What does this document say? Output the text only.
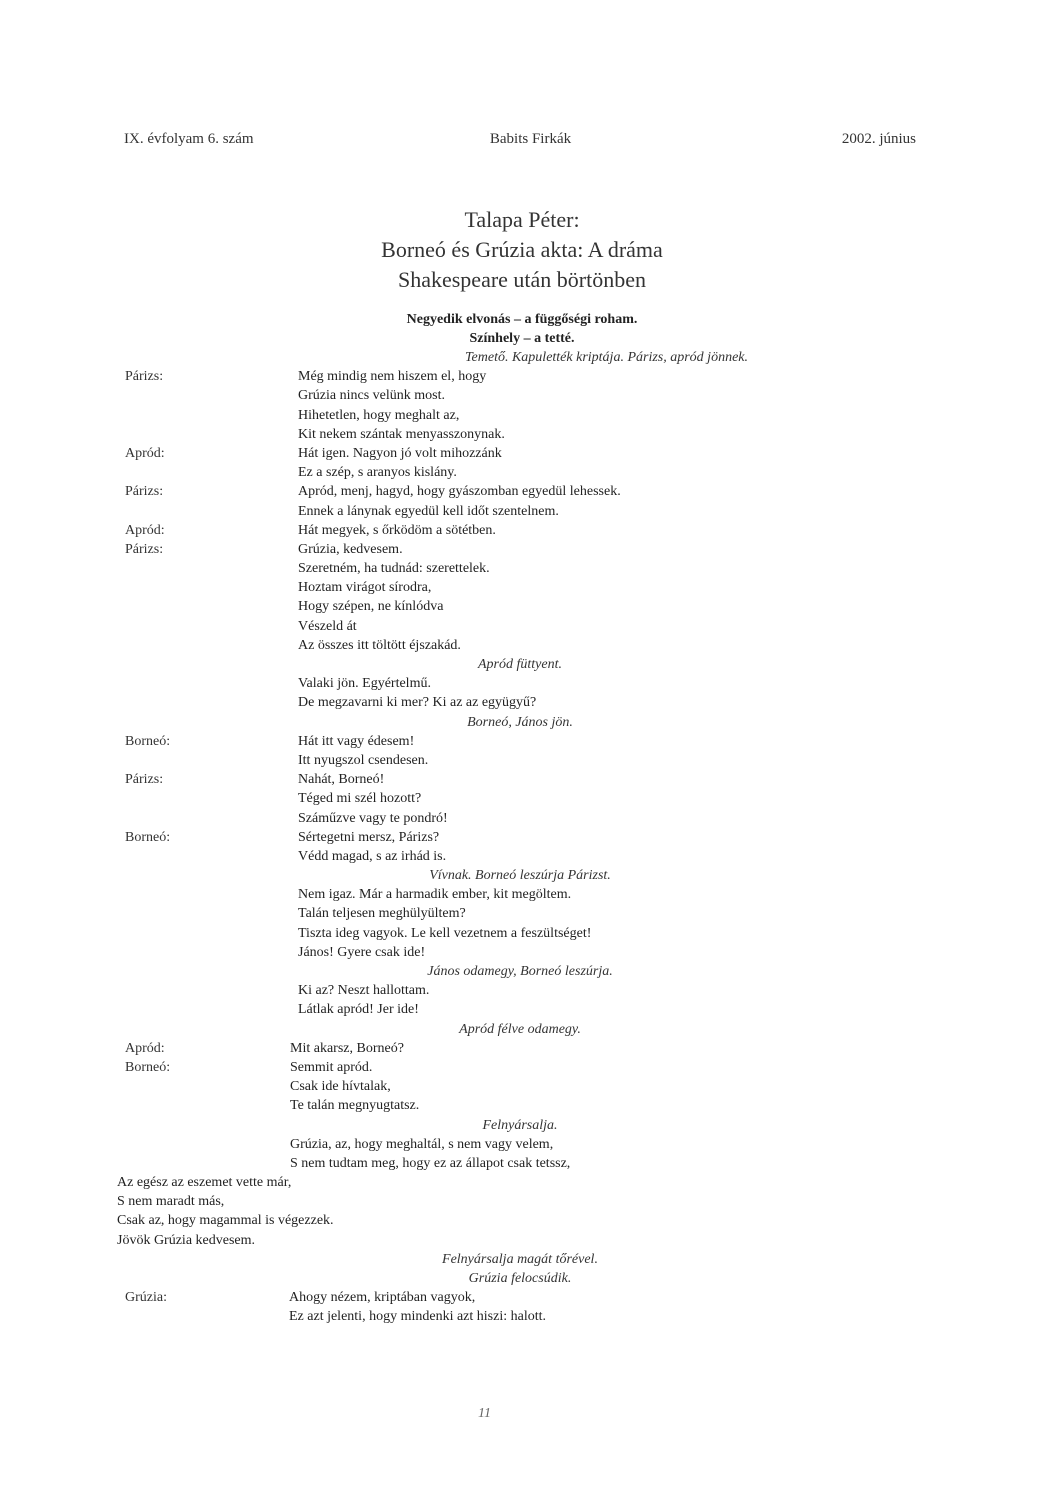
IX. évfolyam 6. szám	Babits Firkák	2002. június
Talapa Péter:
Borneó és Grúzia akta: A dráma
Shakespeare után börtönben
Negyedik elvonás – a függőségi roham.
Színhely – a tetté.
Temető. Kapulették kriptája. Párizs, apród jönnek.
Párizs:	Még mindig nem hiszem el, hogy
Grúzia nincs velünk most.
Hihetetlen, hogy meghalt az,
Kit nekem szántak menyasszonynak.
Apród:	Hát igen. Nagyon jó volt mihozzánk
Ez a szép, s aranyos kislány.
Párizs:	Apród, menj, hagyd, hogy gyászomban egyedül lehessek.
Ennek a lánynak egyedül kell időt szentelnem.
Apród:	Hát megyek, s őrködöm a sötétben.
Párizs:	Grúzia, kedvesem.
Szeretném, ha tudnád: szerettelek.
Hoztam virágot sírodra,
Hogy szépen, ne kínlódva
Vészeld át
Az összes itt töltött éjszakád.
Apród füttyent.
Valaki jön. Egyértelmű.
De megzavarni ki mer? Ki az az együgyű?
Borneó, János jön.
Borneó:	Hát itt vagy édesem!
Itt nyugszol csendesen.
Párizs:	Nahát, Borneó!
Téged mi szél hozott?
Száműzve vagy te pondró!
Borneó:	Sértegetni mersz, Párizs?
Védd magad, s az irhád is.
Vívnak. Borneó leszúrja Párizst.
Nem igaz. Már a harmadik ember, kit megöltem.
Talán teljesen meghülyültem?
Tiszta ideg vagyok. Le kell vezetnem a feszültséget!
János! Gyere csak ide!
János odamegy, Borneó leszúrja.
Ki az? Neszt hallottam.
Látlak apród! Jer ide!
Apród félve odamegy.
Apród:	Mit akarsz, Borneó?
Borneó:	Semmit apród.
Csak ide hívtalak,
Te talán megnyugtatsz.
Felnyársalja.
Grúzia, az, hogy meghaltál, s nem vagy velem,
S nem tudtam meg, hogy ez az állapot csak tetssz,
Az egész az eszemet vette már,
S nem maradt más,
Csak az, hogy magammal is végezzek.
Jövök Grúzia kedvesem.
Felnyársalja magát tőrével.
Grúzia felocsúdik.
Grúzia:	Ahogy nézem, kriptában vagyok,
Ez azt jelenti, hogy mindenki azt hiszi: halott.
11
